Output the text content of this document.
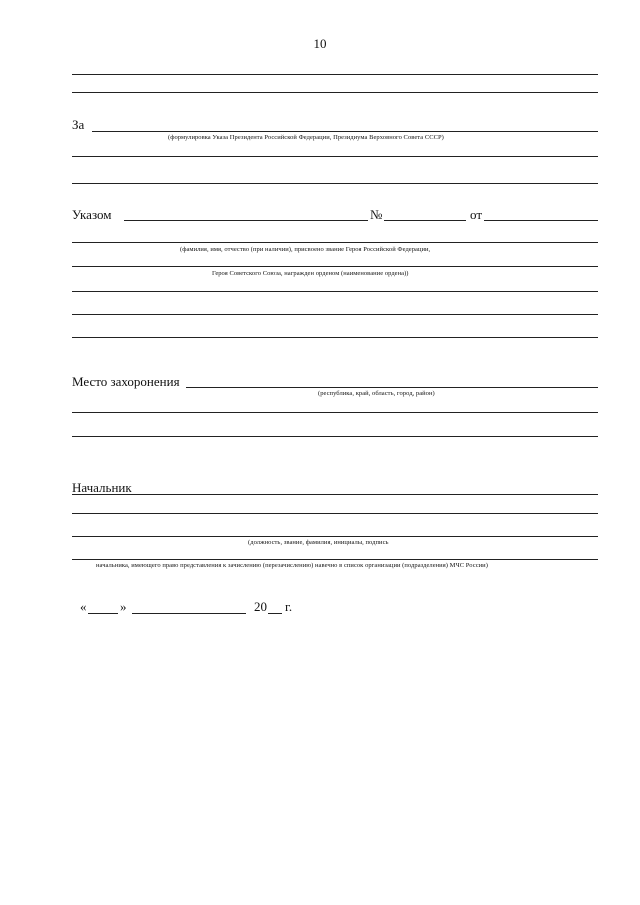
10
За
(формулировка Указа Президента Российской Федерации, Президиума Верховного Совета СССР)
Указом	№	от
(фамилия, имя, отчество (при наличии), присвоено звание Героя Российской Федерации,
Героя Советского Союза, награжден орденом (наименование ордена))
Место захоронения
(республика, край, область, город, район)
Начальник
(должность, звание, фамилия, инициалы, подпись
начальника, имеющего право представления к зачислению (перезачислению) навечно в список организации (подразделения) МЧС России)
«	»	20 г.
